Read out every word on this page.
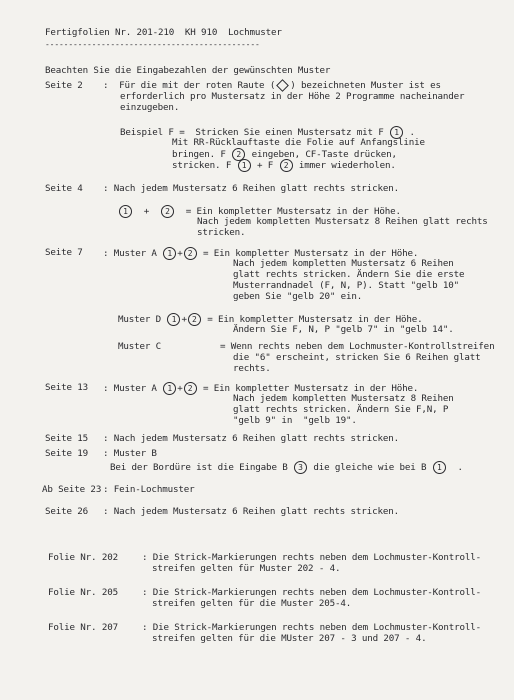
Fertigfolien Nr. 201-210  KH 910  Lochmuster
----------------------------------------------
Beachten Sie die Eingabezahlen der gewünschten Muster
Seite 2 :  Für die mit der roten Raute ( ) bezeichneten Muster ist es
erforderlich pro Mustersatz in der Höhe 2 Programme nacheinander
einzugeben.
Beispiel F =  Stricken Sie einen Mustersatz mit F 1 .
Mit RR-Rücklauftaste die Folie auf Anfangslinie
bringen. F 2 eingeben, CF-Taste drücken,
stricken. F 1 + F 2 immer wiederholen.
Seite 4 : Nach jedem Mustersatz 6 Reihen glatt rechts stricken.
1 + 2 = Ein kompletter Mustersatz in der Höhe.
Nach jedem kompletten Mustersatz 8 Reihen glatt rechts
stricken.
Seite 7 : Muster A 1 + 2 = Ein kompletter Mustersatz in der Höhe.
Nach jedem kompletten Mustersatz 6 Reihen
glatt rechts stricken. Ändern Sie die erste
Musterrandnadel (F, N, P). Statt "gelb 10"
geben Sie "gelb 20" ein.
Muster D 1 + 2 = Ein kompletter Mustersatz in der Höhe.
Ändern Sie F, N, P "gelb 7" in "gelb 14".
Muster C	= Wenn rechts neben dem Lochmuster-Kontrollstreifen
die "6" erscheint, stricken Sie 6 Reihen glatt
rechts.
Seite 13 : Muster A 1 + 2 = Ein kompletter Mustersatz in der Höhe.
Nach jedem kompletten Mustersatz 8 Reihen
glatt rechts stricken. Ändern Sie F,N, P
"gelb 9" in  "gelb 19".
Seite 15 : Nach jedem Mustersatz 6 Reihen glatt rechts stricken.
Seite 19 : Muster B
Bei der Bordüre ist die Eingabe B 3 die gleiche wie bei B 1 .
Ab Seite 23 : Fein-Lochmuster
Seite 26 : Nach jedem Mustersatz 6 Reihen glatt rechts stricken.
Folie Nr. 202	: Die Strick-Markierungen rechts neben dem Lochmuster-Kontroll-
streifen gelten für Muster 202 - 4.
Folie Nr. 205	: Die Strick-Markierungen rechts neben dem Lochmuster-Kontroll-
streifen gelten für die Muster 205-4.
Folie Nr. 207	: Die Strick-Markierungen rechts neben dem Lochmuster-Kontroll-
streifen gelten für die MUster 207 - 3 und 207 - 4.
